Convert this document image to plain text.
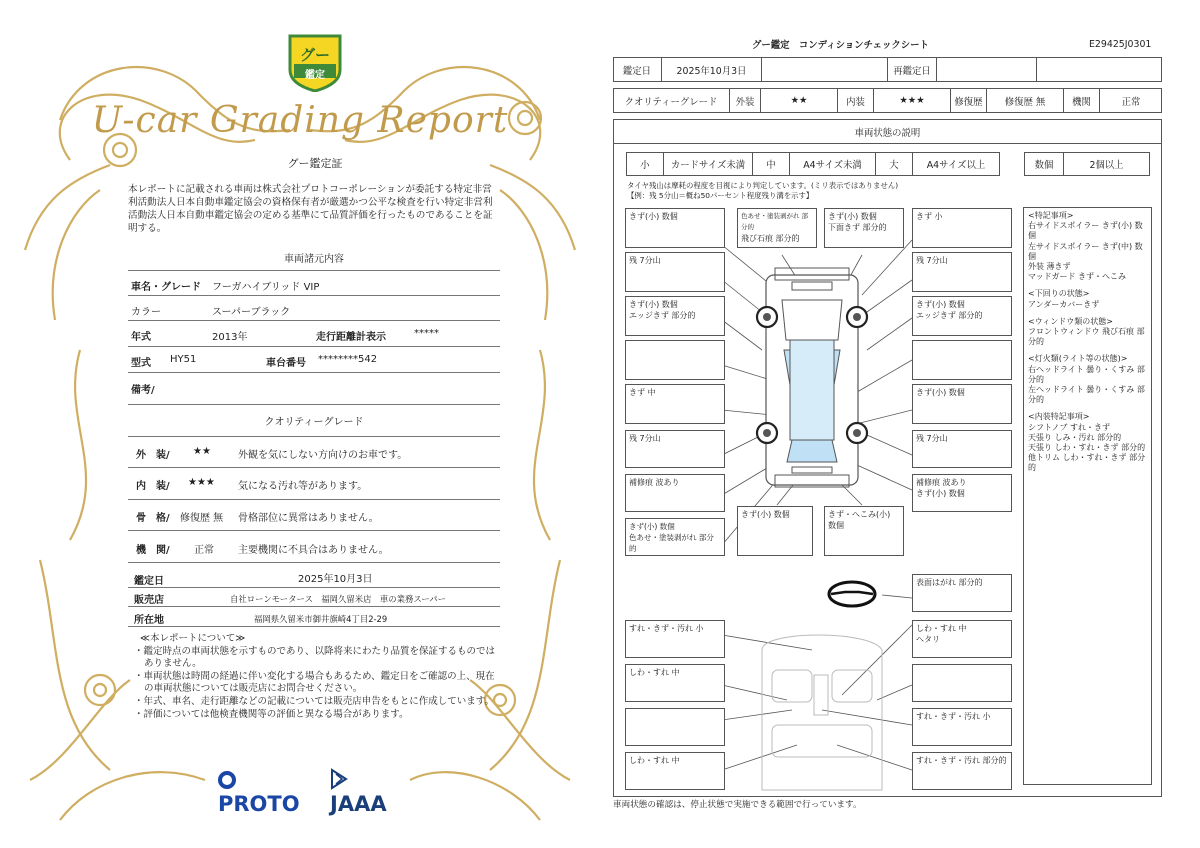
グー
鑑定
U-car Grading Report
グー鑑定証
本レポートに記載される車両は株式会社プロトコーポレーションが委託する特定非営利活動法人日本自動車鑑定協会の資格保有者が厳選かつ公平な検査を行い特定非営利活動法人日本自動車鑑定協会の定める基準にて品質評価を行ったものであることを証明する。
車両諸元内容
車名・グレード フーガハイブリッド VIP
カラー	スーパーブラック
年式	2013年	走行距離計表示	*****
型式 HY51	車台番号 ********542
備考/
クオリティーグレード
外　装/ ★★	外観を気にしない方向けのお車です。
内　装/ ★★★ 気になる汚れ等があります。
骨　格/ 修復歴 無 骨格部位に異常はありません。
機　関/ 正常 主要機関に不具合はありません。
鑑定日	2025年10月3日
販売店	自社ローンモータース　福岡久留米店　車の業務スーパー
所在地	福岡県久留米市御井旗崎4丁目2-29
≪本レポートについて≫
・鑑定時点の車両状態を示すものであり、以降将来にわたり品質を保証するものではありません。
・車両状態は時間の経過に伴い変化する場合もあるため、鑑定日をご確認の上、現在の車両状態については販売店にお問合せください。
・年式、車名、走行距離などの記載については販売店申告をもとに作成しています。
・評価については他検査機関等の評価と異なる場合があります。
PROTO JAAA
グー鑑定　コンディションチェックシート	E29425J0301
鑑定日	2025年10月3日	再鑑定日
クオリティーグレード	外装	★★	内装	★★★	修復歴	修復歴 無	機関	正常
車両状態の説明
小	カードサイズ未満	中	A4サイズ未満	大	A4サイズ以上	数個	2個以上
タイヤ残山は摩耗の程度を目視により判定しています。(ミリ表示ではありません)
【例：残 5分山＝概ね50パーセント程度残り溝を示す】
きず(小) 数個	色あせ・塗装剥がれ 部分的
飛び石痕 部分的
きず(小) 数個
下面きず 部分的
きず 小
残 7分山	残 7分山
きず(小) 数個
エッジきず 部分的
きず(小) 数個
エッジきず 部分的
きず 中	きず(小) 数個
残 7分山	残 7分山
補修痕 波あり	補修痕 波あり
きず(小) 数個
きず(小) 数個
色あせ・塗装剥がれ 部分的
きず(小) 数個	きず・へこみ(小) 数個
表面はがれ 部分的
すれ・きず・汚れ 小	しわ・すれ 中
ヘタリ
しわ・すれ 中
すれ・きず・汚れ 小
しわ・すれ 中	すれ・きず・汚れ 部分的
<特記事項>
右サイドスポイラー きず(小) 数個
左サイドスポイラー きず(中) 数個
外装 薄きず
マッドガード きず・へこみ
<下回りの状態>
アンダーカバーきず
<ウィンドウ類の状態>
フロントウィンドウ 飛び石痕 部分的
<灯火類(ライト等の状態)>
右ヘッドライト 曇り・くすみ 部分的
左ヘッドライト 曇り・くすみ 部分的
<内装特記事項>
シフトノブ すれ・きず
天張り しみ・汚れ 部分的
天張り しわ・すれ・きず 部分的
他トリム しわ・すれ・きず 部分的
車両状態の確認は、停止状態で実施できる範囲で行っています。
